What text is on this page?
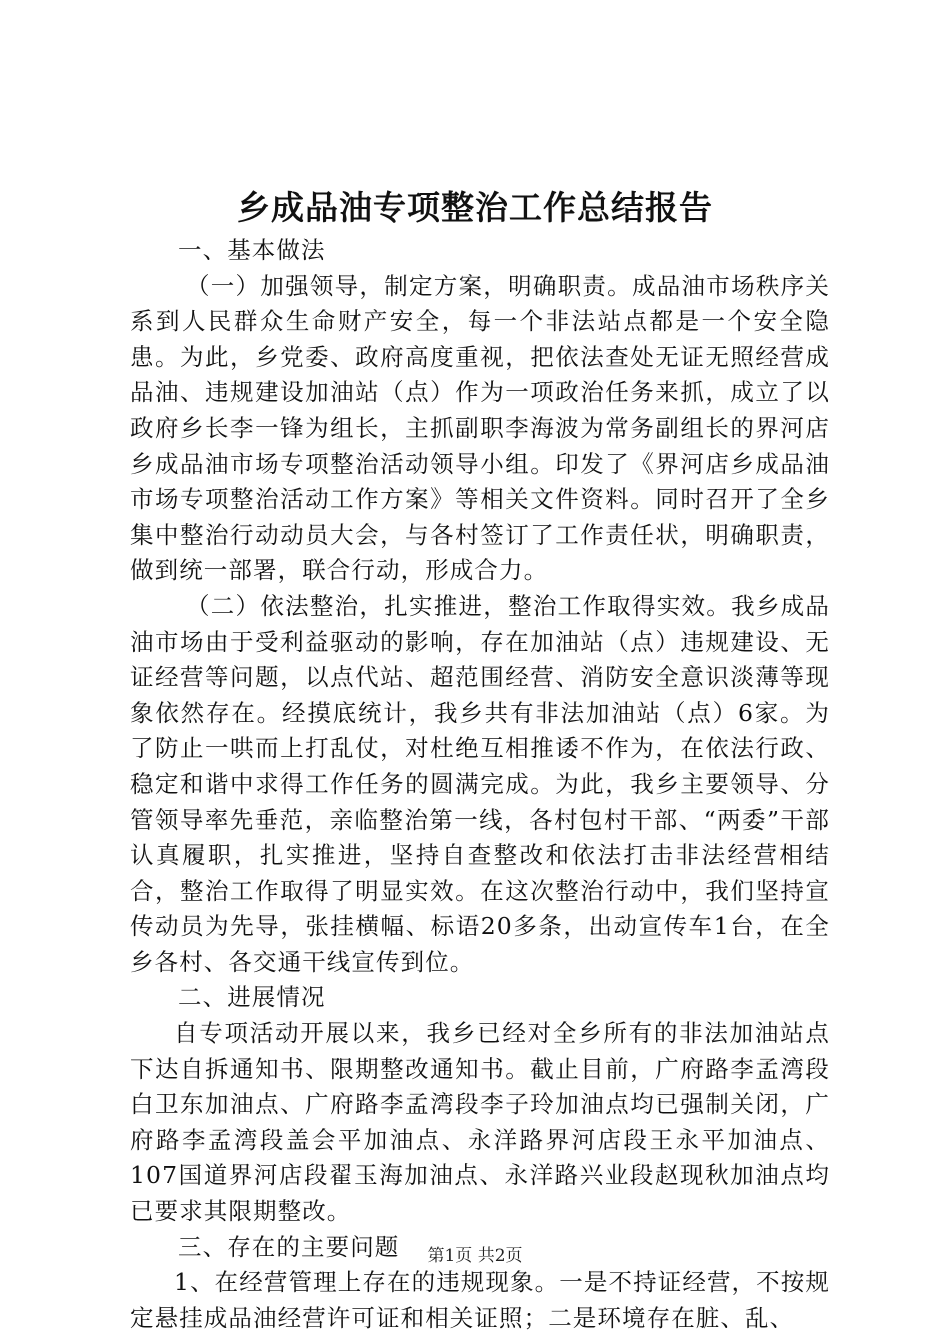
乡成品油专项整治工作总结报告

一、基本做法

（一）加强领导，制定方案，明确职责。成品油市场秩序关系到人民群众生命财产安全，每一个非法站点都是一个安全隐患。为此，乡党委、政府高度重视，把依法查处无证无照经营成品油、违规建设加油站（点）作为一项政治任务来抓，成立了以政府乡长李一锋为组长，主抓副职李海波为常务副组长的界河店乡成品油市场专项整治活动领导小组。印发了《界河店乡成品油市场专项整治活动工作方案》等相关文件资料。同时召开了全乡集中整治行动动员大会，与各村签订了工作责任状，明确职责，做到统一部署，联合行动，形成合力。

（二）依法整治，扎实推进，整治工作取得实效。我乡成品油市场由于受利益驱动的影响，存在加油站（点）违规建设、无证经营等问题，以点代站、超范围经营、消防安全意识淡薄等现象依然存在。经摸底统计，我乡共有非法加油站（点）6家。为了防止一哄而上打乱仗，对杜绝互相推诿不作为，在依法行政、稳定和谐中求得工作任务的圆满完成。为此，我乡主要领导、分管领导率先垂范，亲临整治第一线，各村包村干部、“两委”干部认真履职，扎实推进，坚持自查整改和依法打击非法经营相结合，整治工作取得了明显实效。在这次整治行动中，我们坚持宣传动员为先导，张挂横幅、标语20多条，出动宣传车1台，在全乡各村、各交通干线宣传到位。

二、进展情况

自专项活动开展以来，我乡已经对全乡所有的非法加油站点下达自拆通知书、限期整改通知书。截止目前，广府路李孟湾段白卫东加油点、广府路李孟湾段李子玲加油点均已强制关闭，广府路李孟湾段盖会平加油点、永洋路界河店段王永平加油点、107国道界河店段翟玉海加油点、永洋路兴业段赵现秋加油点均已要求其限期整改。

三、存在的主要问题

1、在经营管理上存在的违规现象。一是不持证经营，不按规定悬挂成品油经营许可证和相关证照；二是环境存在脏、乱、

第1页 共2页
